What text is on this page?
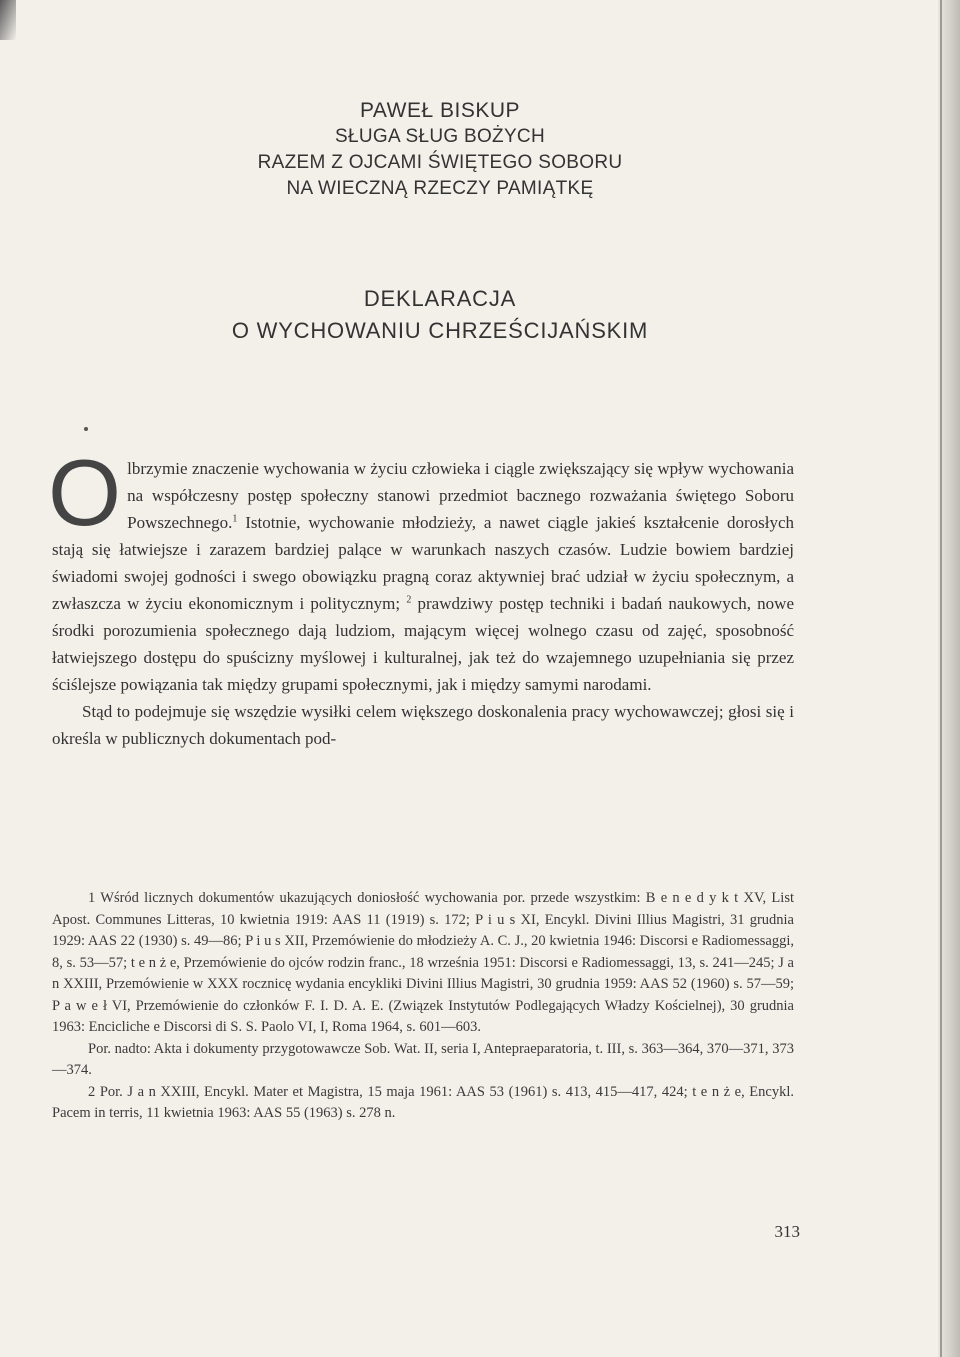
PAWEŁ BISKUP
SŁUGA SŁUG BOŻYCH
RAZEM Z OJCAMI ŚWIĘTEGO SOBORU
NA WIECZNĄ RZECZY PAMIĄTKĘ
DEKLARACJA
O WYCHOWANIU CHRZEŚCIJAŃSKIM

Olbrzymie znaczenie wychowania w życiu człowieka i ciągle zwiększający się wpływ wychowania na współczesny postęp społeczny stanowi przedmiot bacznego rozważania świętego Soboru Powszechnego.$^1$ Istotnie, wychowanie młodzieży, a nawet ciągle jakieś kształcenie dorosłych stają się łatwiejsze i zarazem bardziej palące w warunkach naszych czasów. Ludzie bowiem bardziej świadomi swojej godności i swego obowiązku pragną coraz aktywniej brać udział w życiu społecznym, a zwłaszcza w życiu ekonomicznym i politycznym; $^2$ prawdziwy postęp techniki i badań naukowych, nowe środki porozumienia społecznego dają ludziom, mającym więcej wolnego czasu od zajęć, sposobność łatwiejszego dostępu do spuścizny myślowej i kulturalnej, jak też do wzajemnego uzupełniania się przez ściślejsze powiązania tak między grupami społecznymi, jak i między samymi narodami.

Stąd to podejmuje się wszędzie wysiłki celem większego doskonalenia pracy wychowawczej; głosi się i określa w publicznych dokumentach pod-

1 Wśród licznych dokumentów ukazujących doniosłość wychowania por. przede wszystkim: B e n e d y k t XV, List Apost. Communes Litteras, 10 kwietnia 1919: AAS 11 (1919) s. 172; P i u s XI, Encykl. Divini Illius Magistri, 31 grudnia 1929: AAS 22 (1930) s. 49—86; P i u s XII, Przemówienie do młodzieży A. C. J., 20 kwietnia 1946: Discorsi e Radiomessaggi, 8, s. 53—57; t e n ż e, Przemówienie do ojców rodzin franc., 18 września 1951: Discorsi e Radiomessaggi, 13, s. 241—245; J a n XXIII, Przemówienie w XXX rocznicę wydania encykliki Divini Illius Magistri, 30 grudnia 1959: AAS 52 (1960) s. 57—59; P a w e ł VI, Przemówienie do członków F. I. D. A. E. (Związek Instytutów Podlegających Władzy Kościelnej), 30 grudnia 1963: Encicliche e Discorsi di S. S. Paolo VI, I, Roma 1964, s. 601—603.

Por. nadto: Akta i dokumenty przygotowawcze Sob. Wat. II, seria I, Antepraeparatoria, t. III, s. 363—364, 370—371, 373—374.

2 Por. J a n XXIII, Encykl. Mater et Magistra, 15 maja 1961: AAS 53 (1961) s. 413, 415—417, 424; t e n ż e, Encykl. Pacem in terris, 11 kwietnia 1963: AAS 55 (1963) s. 278 n.

313
